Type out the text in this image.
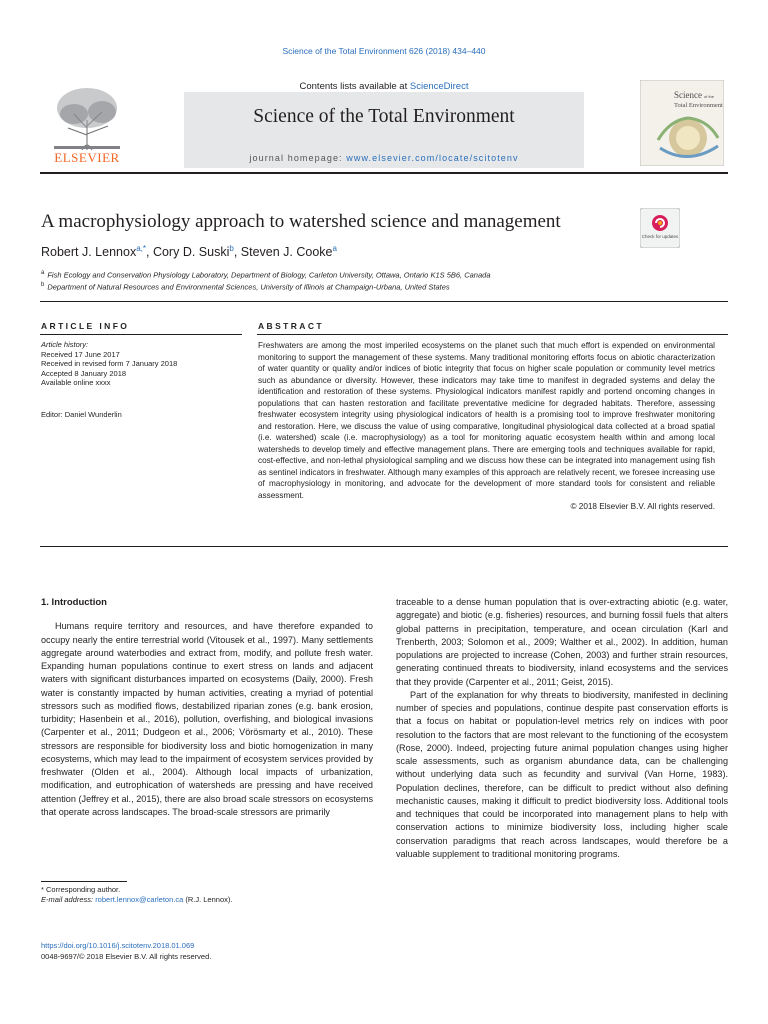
Science of the Total Environment 626 (2018) 434–440
ELSEVIER
Contents lists available at ScienceDirect
Science of the Total Environment
journal homepage: www.elsevier.com/locate/scitotenv
Science of the
Total Environment
A macrophysiology approach to watershed science and management
Check for updates
Robert J. Lennox$^{a,*}$, Cory D. Suski$^b$, Steven J. Cooke$^a$
$^a$ Fish Ecology and Conservation Physiology Laboratory, Department of Biology, Carleton University, Ottawa, Ontario K1S 5B6, Canada
$^b$ Department of Natural Resources and Environmental Sciences, University of Illinois at Champaign-Urbana, United States
ARTICLE INFO	ABSTRACT
Article history:
Received 17 June 2017
Received in revised form 7 January 2018
Accepted 8 January 2018
Available online xxxx
Editor: Daniel Wunderlin
Freshwaters are among the most imperiled ecosystems on the planet such that much effort is expended on environmental monitoring to support the management of these systems. Many traditional monitoring efforts focus on abiotic characterization of water quantity or quality and/or indices of biotic integrity that focus on higher scale population or community level metrics such as abundance or diversity. However, these indicators may take time to manifest in degraded systems and delay the identification and restoration of these systems. Physiological indicators manifest rapidly and portend oncoming changes in populations that can hasten restoration and facilitate preventative medicine for degraded habitats. Therefore, assessing freshwater ecosystem integrity using physiological indicators of health is a promising tool to improve freshwater monitoring and restoration. Here, we discuss the value of using comparative, longitudinal physiological data collected at a broad spatial (i.e. watershed) scale (i.e. macrophysiology) as a tool for monitoring aquatic ecosystem health within and among local watersheds to develop timely and effective management plans. There are emerging tools and techniques available for rapid, cost-effective, and non-lethal physiological sampling and we discuss how these can be integrated into management using fish as sentinel indicators in freshwater. Although many examples of this approach are relatively recent, we foresee increasing use of macrophysiology in monitoring, and advocate for the development of more standard tools for consistent and reliable assessment.
© 2018 Elsevier B.V. All rights reserved.
1. Introduction

Humans require territory and resources, and have therefore expanded to occupy nearly the entire terrestrial world (Vitousek et al., 1997). Many settlements aggregate around waterbodies and extract from, modify, and pollute fresh water. Expanding human populations continue to exert stress on lands and adjacent waters with significant disturbances imparted on ecosystems (Daily, 2000). Fresh water is constantly impacted by human activities, creating a myriad of potential stressors such as modified flows, destabilized riparian zones (e.g. bank erosion, turbidity; Hasenbein et al., 2016), pollution, overfishing, and biological invasions (Carpenter et al., 2011; Dudgeon et al., 2006; Vörösmarty et al., 2010). These stressors are responsible for biodiversity loss and biotic homogenization in many ecosystems, which may lead to the impairment of ecosystem services provided by freshwater (Olden et al., 2004). Although local impacts of urbanization, modification, and eutrophication of watersheds are pressing and have received attention (Jeffrey et al., 2015), there are also broad scale stressors on ecosystems that operate across landscapes. The broad-scale stressors are primarily

traceable to a dense human population that is over-extracting abiotic (e.g. water, aggregate) and biotic (e.g. fisheries) resources, and burning fossil fuels that alters global patterns in precipitation, temperature, and ocean circulation (Karl and Trenberth, 2003; Solomon et al., 2009; Walther et al., 2002). In addition, human populations are projected to increase (Cohen, 2003) and further strain resources, generating continued threats to biodiversity, inland ecosystems and the services that they provide (Carpenter et al., 2011; Geist, 2015).

Part of the explanation for why threats to biodiversity, manifested in declining number of species and populations, continue despite past conservation efforts is that a focus on habitat or population-level metrics rely on indices with poor resolution to the factors that are most relevant to the functioning of the ecosystem (Rose, 2000). Indeed, projecting future animal population changes using higher scale assessments, such as organism abundance data, can be challenging without underlying data such as fecundity and survival (Van Horne, 1983). Population declines, therefore, can be difficult to predict without also defining mechanistic causes, making it difficult to predict biodiversity loss. Additional tools and techniques that could be incorporated into management plans to help with conservation actions to minimize biodiversity loss, including higher scale conservation paradigms that reach across landscapes, would therefore be a valuable supplement to traditional monitoring programs.

* Corresponding author.
E-mail address: robert.lennox@carleton.ca (R.J. Lennox).
https://doi.org/10.1016/j.scitotenv.2018.01.069
0048-9697/© 2018 Elsevier B.V. All rights reserved.
